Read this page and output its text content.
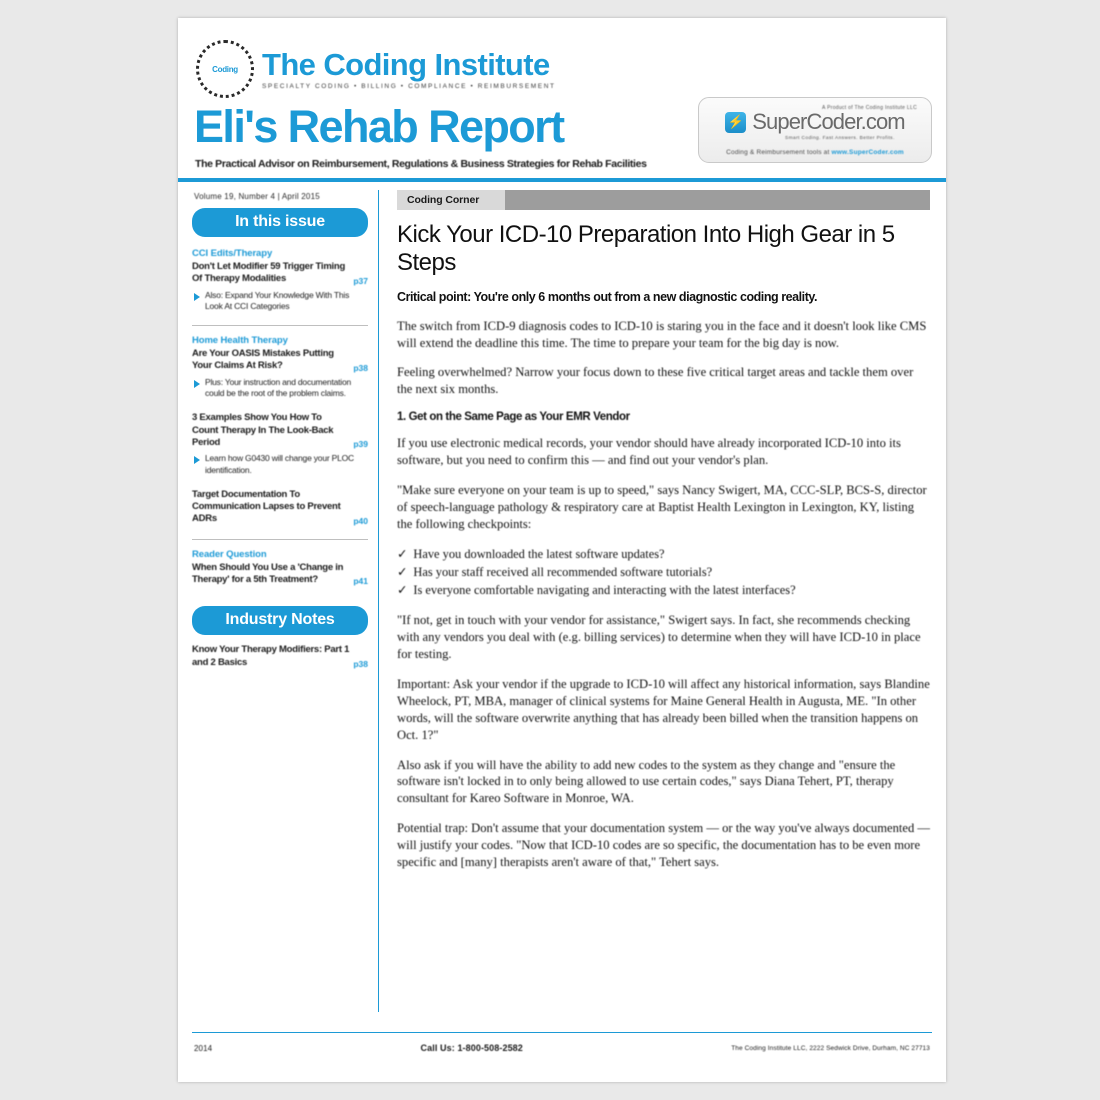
Coding The Coding Institute
SPECIALTY CODING • BILLING • COMPLIANCE • REIMBURSEMENT
Eli's Rehab Report
The Practical Advisor on Reimbursement, Regulations & Business Strategies for Rehab Facilities
A Product of The Coding Institute LLC
⚡ SuperCoder.com
Smart Coding. Fast Answers. Better Profits.
Coding & Reimbursement tools at www.SuperCoder.com
Volume 19, Number 4 | April 2015
In this issue
CCI Edits/Therapy
Don't Let Modifier 59 Trigger Timing Of Therapy Modalities	p37
Also: Expand Your Knowledge With This Look At CCI Categories
Home Health Therapy
Are Your OASIS Mistakes Putting Your Claims At Risk?	p38
Plus: Your instruction and documentation could be the root of the problem claims.
3 Examples Show You How To Count Therapy In The Look-Back Period	p39
Learn how G0430 will change your PLOC identification.
Target Documentation To Communication Lapses to Prevent ADRs	p40
Reader Question
When Should You Use a 'Change in Therapy' for a 5th Treatment?	p41
Industry Notes
Know Your Therapy Modifiers: Part 1 and 2 Basics	p38
Coding Corner
Kick Your ICD-10 Preparation Into High Gear in 5 Steps
Critical point: You're only 6 months out from a new diagnostic coding reality.

The switch from ICD-9 diagnosis codes to ICD-10 is staring you in the face and it doesn't look like CMS will extend the deadline this time. The time to prepare your team for the big day is now.

Feeling overwhelmed? Narrow your focus down to these five critical target areas and tackle them over the next six months.

1. Get on the Same Page as Your EMR Vendor

If you use electronic medical records, your vendor should have already incorporated ICD-10 into its software, but you need to confirm this — and find out your vendor's plan.

"Make sure everyone on your team is up to speed," says Nancy Swigert, MA, CCC-SLP, BCS-S, director of speech-language pathology & respiratory care at Baptist Health Lexington in Lexington, KY, listing the following checkpoints:

✓ Have you downloaded the latest software updates?
✓ Has your staff received all recommended software tutorials?
✓ Is everyone comfortable navigating and interacting with the latest interfaces?

"If not, get in touch with your vendor for assistance," Swigert says. In fact, she recommends checking with any vendors you deal with (e.g. billing services) to determine when they will have ICD-10 in place for testing.

Important: Ask your vendor if the upgrade to ICD-10 will affect any historical information, says Blandine Wheelock, PT, MBA, manager of clinical systems for Maine General Health in Augusta, ME. "In other words, will the software overwrite anything that has already been billed when the transition happens on Oct. 1?"

Also ask if you will have the ability to add new codes to the system as they change and "ensure the software isn't locked in to only being allowed to use certain codes," says Diana Tehert, PT, therapy consultant for Kareo Software in Monroe, WA.

Potential trap: Don't assume that your documentation system — or the way you've always documented — will justify your codes. "Now that ICD-10 codes are so specific, the documentation has to be even more specific and [many] therapists aren't aware of that," Tehert says.

2014	Call Us: 1-800-508-2582	The Coding Institute LLC, 2222 Sedwick Drive, Durham, NC 27713
